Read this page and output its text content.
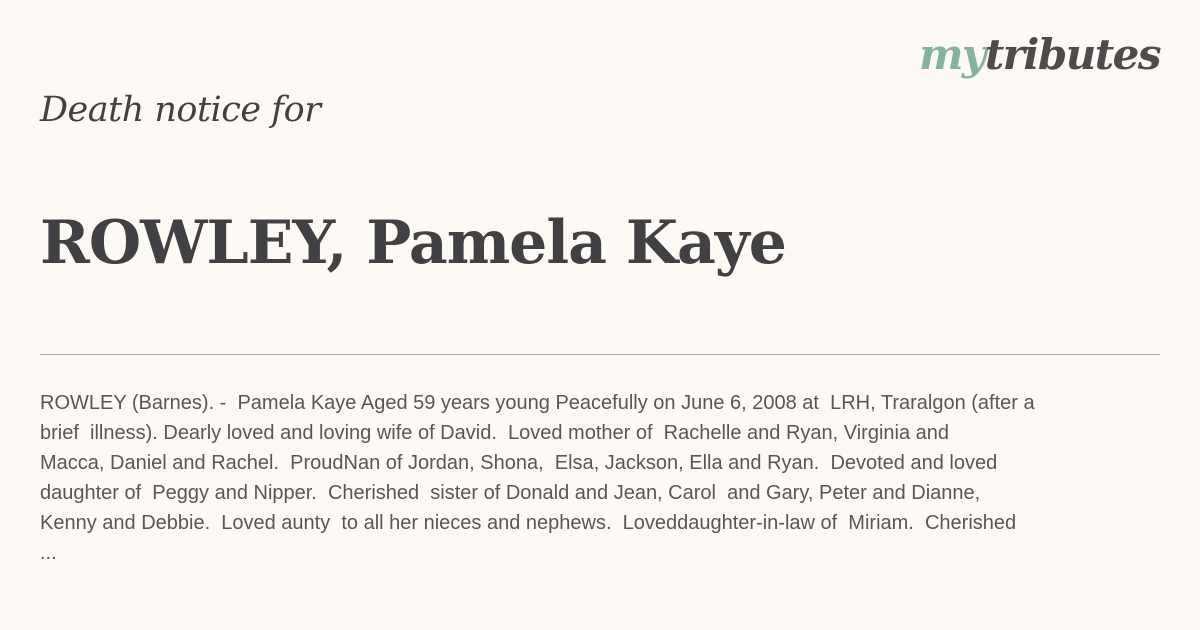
mytributes
Death notice for
ROWLEY, Pamela Kaye

ROWLEY (Barnes). -  Pamela Kaye Aged 59 years young Peacefully on June 6, 2008 at  LRH, Traralgon (after a
brief  illness). Dearly loved and loving wife of David.  Loved mother of  Rachelle and Ryan, Virginia and
Macca, Daniel and Rachel.  ProudNan of Jordan, Shona,  Elsa, Jackson, Ella and Ryan.  Devoted and loved
daughter of  Peggy and Nipper.  Cherished  sister of Donald and Jean, Carol  and Gary, Peter and Dianne,
Kenny and Debbie.  Loved aunty  to all her nieces and nephews.  Loveddaughter-in-law of  Miriam.  Cherished
...
